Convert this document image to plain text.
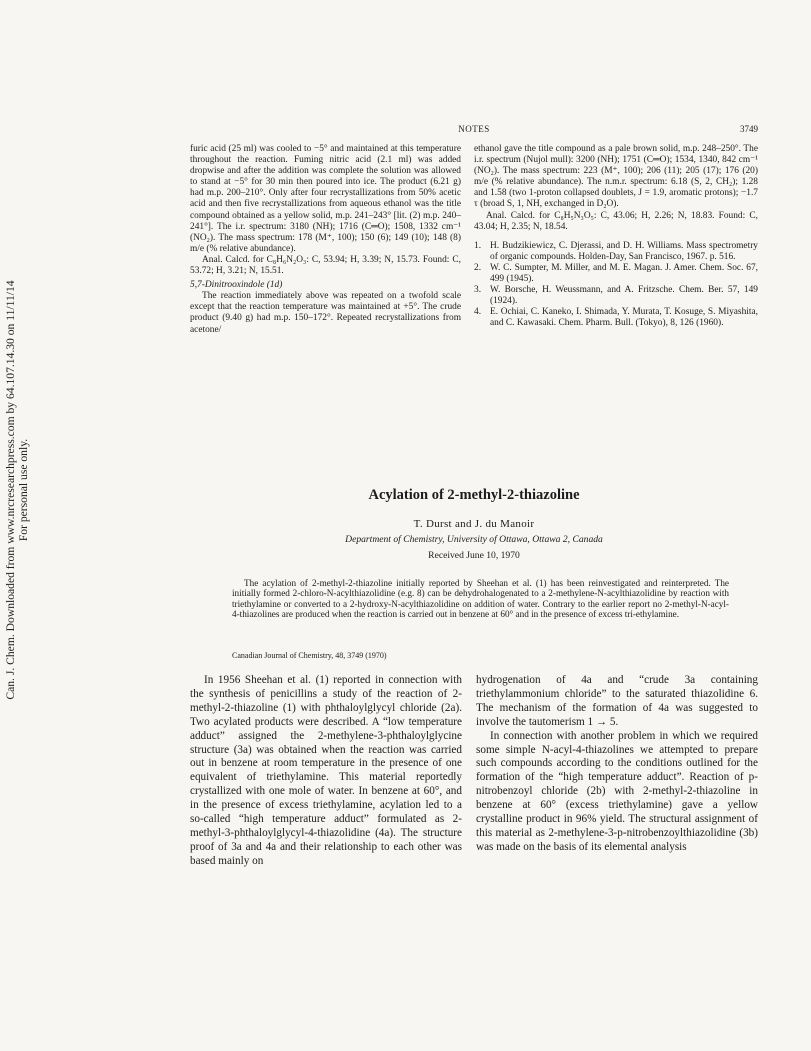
Can. J. Chem. Downloaded from www.nrcresearchpress.com by 64.107.14.30 on 11/11/14 For personal use only.
NOTES	3749

furic acid (25 ml) was cooled to −5° and maintained at this temperature throughout the reaction. Fuming nitric acid (2.1 ml) was added dropwise and after the addition was complete the solution was allowed to stand at −5° for 30 min then poured into ice. The product (6.21 g) had m.p. 200–210°. Only after four recrystallizations from 50% acetic acid and then five recrystallizations from aqueous ethanol was the title compound obtained as a yellow solid, m.p. 241–243° [lit. (2) m.p. 240–241°]. The i.r. spectrum: 3180 (NH); 1716 (C═O); 1508, 1332 cm⁻¹ (NO₂). The mass spectrum: 178 (M⁺, 100); 150 (6); 149 (10); 148 (8) m/e (% relative abundance).

Anal. Calcd. for C₈H₆N₂O₃: C, 53.94; H, 3.39; N, 15.73. Found: C, 53.72; H, 3.21; N, 15.51.

5,7-Dinitrooxindole (1d)

The reaction immediately above was repeated on a twofold scale except that the reaction temperature was maintained at +5°. The crude product (9.40 g) had m.p. 150–172°. Repeated recrystallizations from acetone/

ethanol gave the title compound as a pale brown solid, m.p. 248–250°. The i.r. spectrum (Nujol mull): 3200 (NH); 1751 (C═O); 1534, 1340, 842 cm⁻¹ (NO₂). The mass spectrum: 223 (M⁺, 100); 206 (11); 205 (17); 176 (20) m/e (% relative abundance). The n.m.r. spectrum: 6.18 (S, 2, CH₂); 1.28 and 1.58 (two 1-proton collapsed doublets, J = 1.9, aromatic protons); −1.7 τ (broad S, 1, NH, exchanged in D₂O).

Anal. Calcd. for C₈H₅N₃O₅: C, 43.06; H, 2.26; N, 18.83. Found: C, 43.04; H, 2.35; N, 18.54.

1. H. Budzikiewicz, C. Djerassi, and D. H. Williams. Mass spectrometry of organic compounds. Holden-Day, San Francisco, 1967. p. 516.
2. W. C. Sumpter, M. Miller, and M. E. Magan. J. Amer. Chem. Soc. 67, 499 (1945).
3. W. Borsche, H. Weussmann, and A. Fritzsche. Chem. Ber. 57, 149 (1924).
4. E. Ochiai, C. Kaneko, I. Shimada, Y. Murata, T. Kosuge, S. Miyashita, and C. Kawasaki. Chem. Pharm. Bull. (Tokyo), 8, 126 (1960).
Acylation of 2-methyl-2-thiazoline
T. Durst and J. du Manoir
Department of Chemistry, University of Ottawa, Ottawa 2, Canada
Received June 10, 1970

The acylation of 2-methyl-2-thiazoline initially reported by Sheehan et al. (1) has been reinvestigated and reinterpreted. The initially formed 2-chloro-N-acylthiazolidine (e.g. 8) can be dehydrohalogenated to a 2-methylene-N-acylthiazolidine by reaction with triethylamine or converted to a 2-hydroxy-N-acylthiazolidine on addition of water. Contrary to the earlier report no 2-methyl-N-acyl-4-thiazolines are produced when the reaction is carried out in benzene at 60° and in the presence of excess tri-ethylamine.

Canadian Journal of Chemistry, 48, 3749 (1970)

In 1956 Sheehan et al. (1) reported in connection with the synthesis of penicillins a study of the reaction of 2-methyl-2-thiazoline (1) with phthaloylglycyl chloride (2a). Two acylated products were described. A “low temperature adduct” assigned the 2-methylene-3-phthaloylglycine structure (3a) was obtained when the reaction was carried out in benzene at room temperature in the presence of one equivalent of triethylamine. This material reportedly crystallized with one mole of water. In benzene at 60°, and in the presence of excess triethylamine, acylation led to a so-called “high temperature adduct” formulated as 2-methyl-3-phthaloylglycyl-4-thiazolidine (4a). The structure proof of 3a and 4a and their relationship to each other was based mainly on

hydrogenation of 4a and “crude 3a containing triethylammonium chloride” to the saturated thiazolidine 6. The mechanism of the formation of 4a was suggested to involve the tautomerism 1 → 5.

In connection with another problem in which we required some simple N-acyl-4-thiazolines we attempted to prepare such compounds according to the conditions outlined for the formation of the “high temperature adduct”. Reaction of p-nitrobenzoyl chloride (2b) with 2-methyl-2-thiazoline in benzene at 60° (excess triethylamine) gave a yellow crystalline product in 96% yield. The structural assignment of this material as 2-methylene-3-p-nitrobenzoylthiazolidine (3b) was made on the basis of its elemental analysis
